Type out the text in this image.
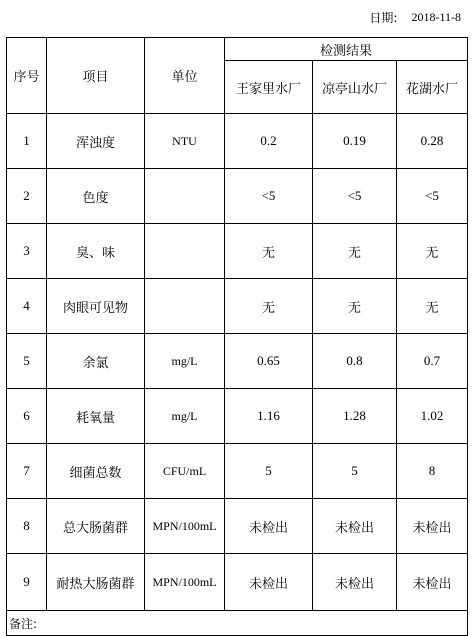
日期: 2018-11-8
序号	项目	单位	检测结果		
			王家里水厂	凉亭山水厂	花湖水厂
1	浑浊度	NTU	0.2	0.19	0.28
2	色度		<5	<5	<5
3	臭、味		无	无	无
4	肉眼可见物		无	无	无
5	余氯	mg/L	0.65	0.8	0.7
6	耗氧量	mg/L	1.16	1.28	1.02
7	细菌总数	CFU/mL	5	5	8
8	总大肠菌群	MPN/100mL	未检出	未检出	未检出
9	耐热大肠菌群	MPN/100mL	未检出	未检出	未检出
备注:					
